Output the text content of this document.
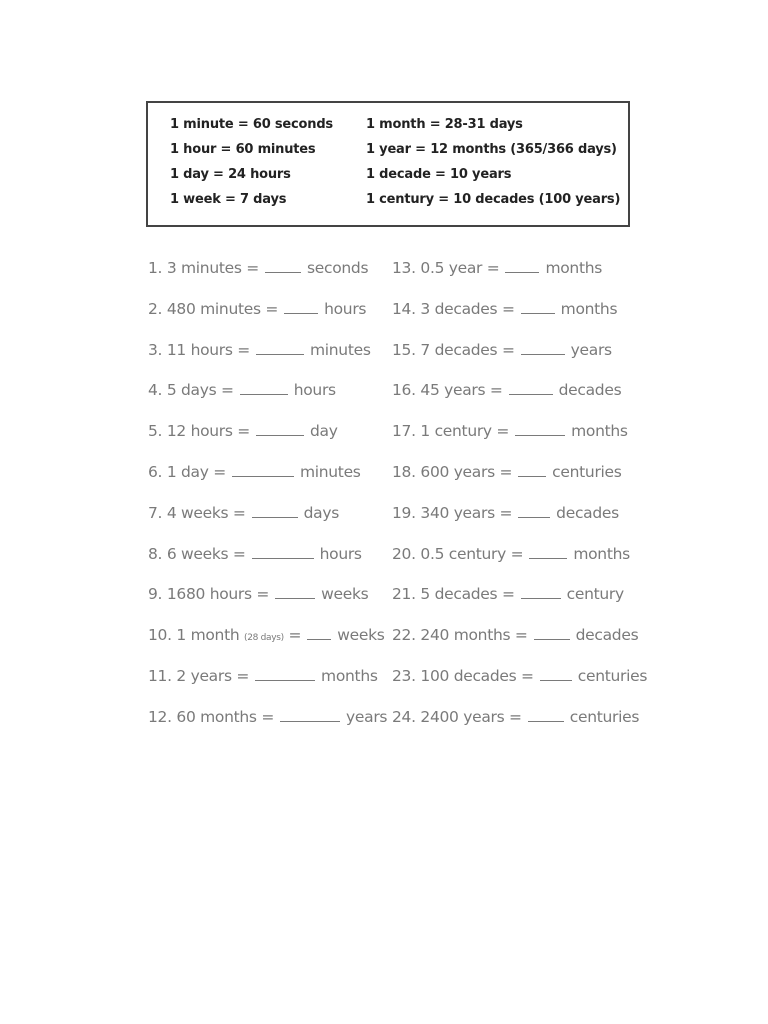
1 minute = 60 seconds
1 hour = 60 minutes
1 day = 24 hours
1 week = 7 days
1 month = 28-31 days
1 year = 12 months (365/366 days)
1 decade = 10 years
1 century = 10 decades (100 years)
1. 3 minutes =	seconds
2. 480 minutes =	hours
3. 11 hours =	minutes
4. 5 days =	hours
5. 12 hours =	day
6. 1 day =	minutes
7. 4 weeks =	days
8. 6 weeks =	hours
9. 1680 hours =	weeks
10. 1 month (28 days) = weeks
11. 2 years =	months
12. 60 months =	years
13. 0.5 year =	months
14. 3 decades =	months
15. 7 decades =	years
16. 45 years =	decades
17. 1 century =	months
18. 600 years =	centuries
19. 340 years =	decades
20. 0.5 century =	months
21. 5 decades =	century
22. 240 months =	decades
23. 100 decades =	centuries
24. 2400 years =	centuries
